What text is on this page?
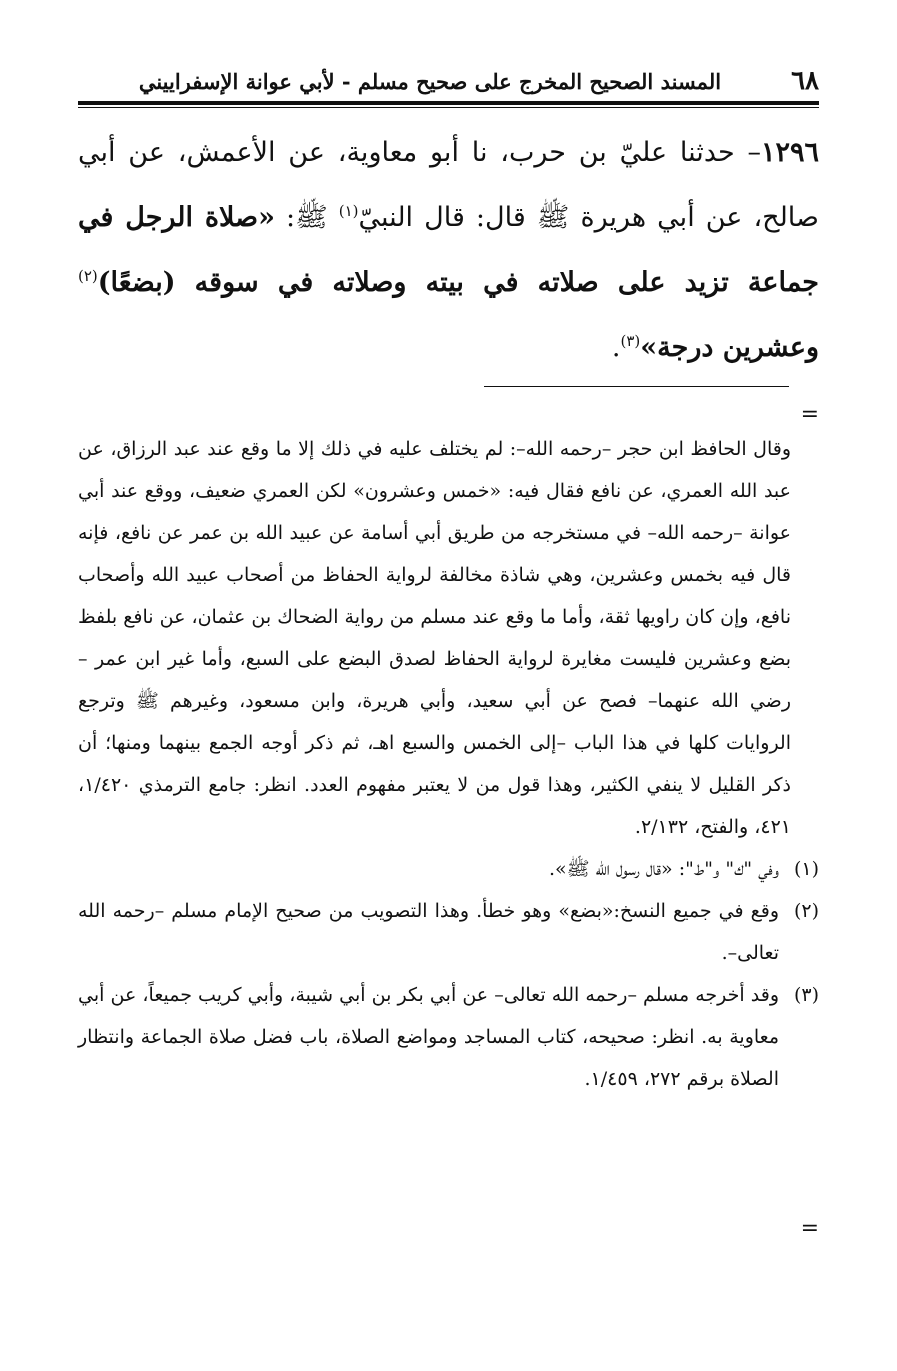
٦٨
المسند الصحيح المخرج على صحيح مسلم - لأبي عوانة الإسفراييني
١٢٩٦– حدثنا عليّ بن حرب، نا أبو معاوية، عن الأعمش، عن أبي صالح، عن أبي هريرة ﷺ قال: قال النبيّ$^{(١)}$ ﷺ: «صلاة الرجل في جماعة تزيد على صلاته في بيته وصلاته في سوقه (بضعًا)$^{(٢)}$ وعشرين درجة»$^{(٣)}$.
=

وقال الحافظ ابن حجر –رحمه الله–: لم يختلف عليه في ذلك إلا ما وقع عند عبد الرزاق، عن عبد الله العمري، عن نافع فقال فيه: «خمس وعشرون» لكن العمري ضعيف، ووقع عند أبي عوانة –رحمه الله– في مستخرجه من طريق أبي أسامة عن عبيد الله بن عمر عن نافع، فإنه قال فيه بخمس وعشرين، وهي شاذة مخالفة لرواية الحفاظ من أصحاب عبيد الله وأصحاب نافع، وإن كان راويها ثقة، وأما ما وقع عند مسلم من رواية الضحاك بن عثمان، عن نافع بلفظ بضع وعشرين فليست مغايرة لرواية الحفاظ لصدق البضع على السبع، وأما غير ابن عمر –رضي الله عنهما– فصح عن أبي سعيد، وأبي هريرة، وابن مسعود، وغيرهم ﷺ وترجع الروايات كلها في هذا الباب –إلى الخمس والسبع اهـ، ثم ذكر أوجه الجمع بينهما ومنها؛ أن ذكر القليل لا ينفي الكثير، وهذا قول من لا يعتبر مفهوم العدد. انظر: جامع الترمذي ١/٤٢٠، ٤٢١، والفتح، ٢/١٣٢.

(١)
وفي "ك" و"ط": «قال رسول الله ﷺ».
(٢)
وقع في جميع النسخ:«بضع» وهو خطأ. وهذا التصويب من صحيح الإمام مسلم –رحمه الله تعالى–.
(٣)
وقد أخرجه مسلم –رحمه الله تعالى– عن أبي بكر بن أبي شيبة، وأبي كريب جميعاً، عن أبي معاوية به. انظر: صحيحه، كتاب المساجد ومواضع الصلاة، باب فضل صلاة الجماعة وانتظار الصلاة برقم ٢٧٢، ١/٤٥٩.
=
